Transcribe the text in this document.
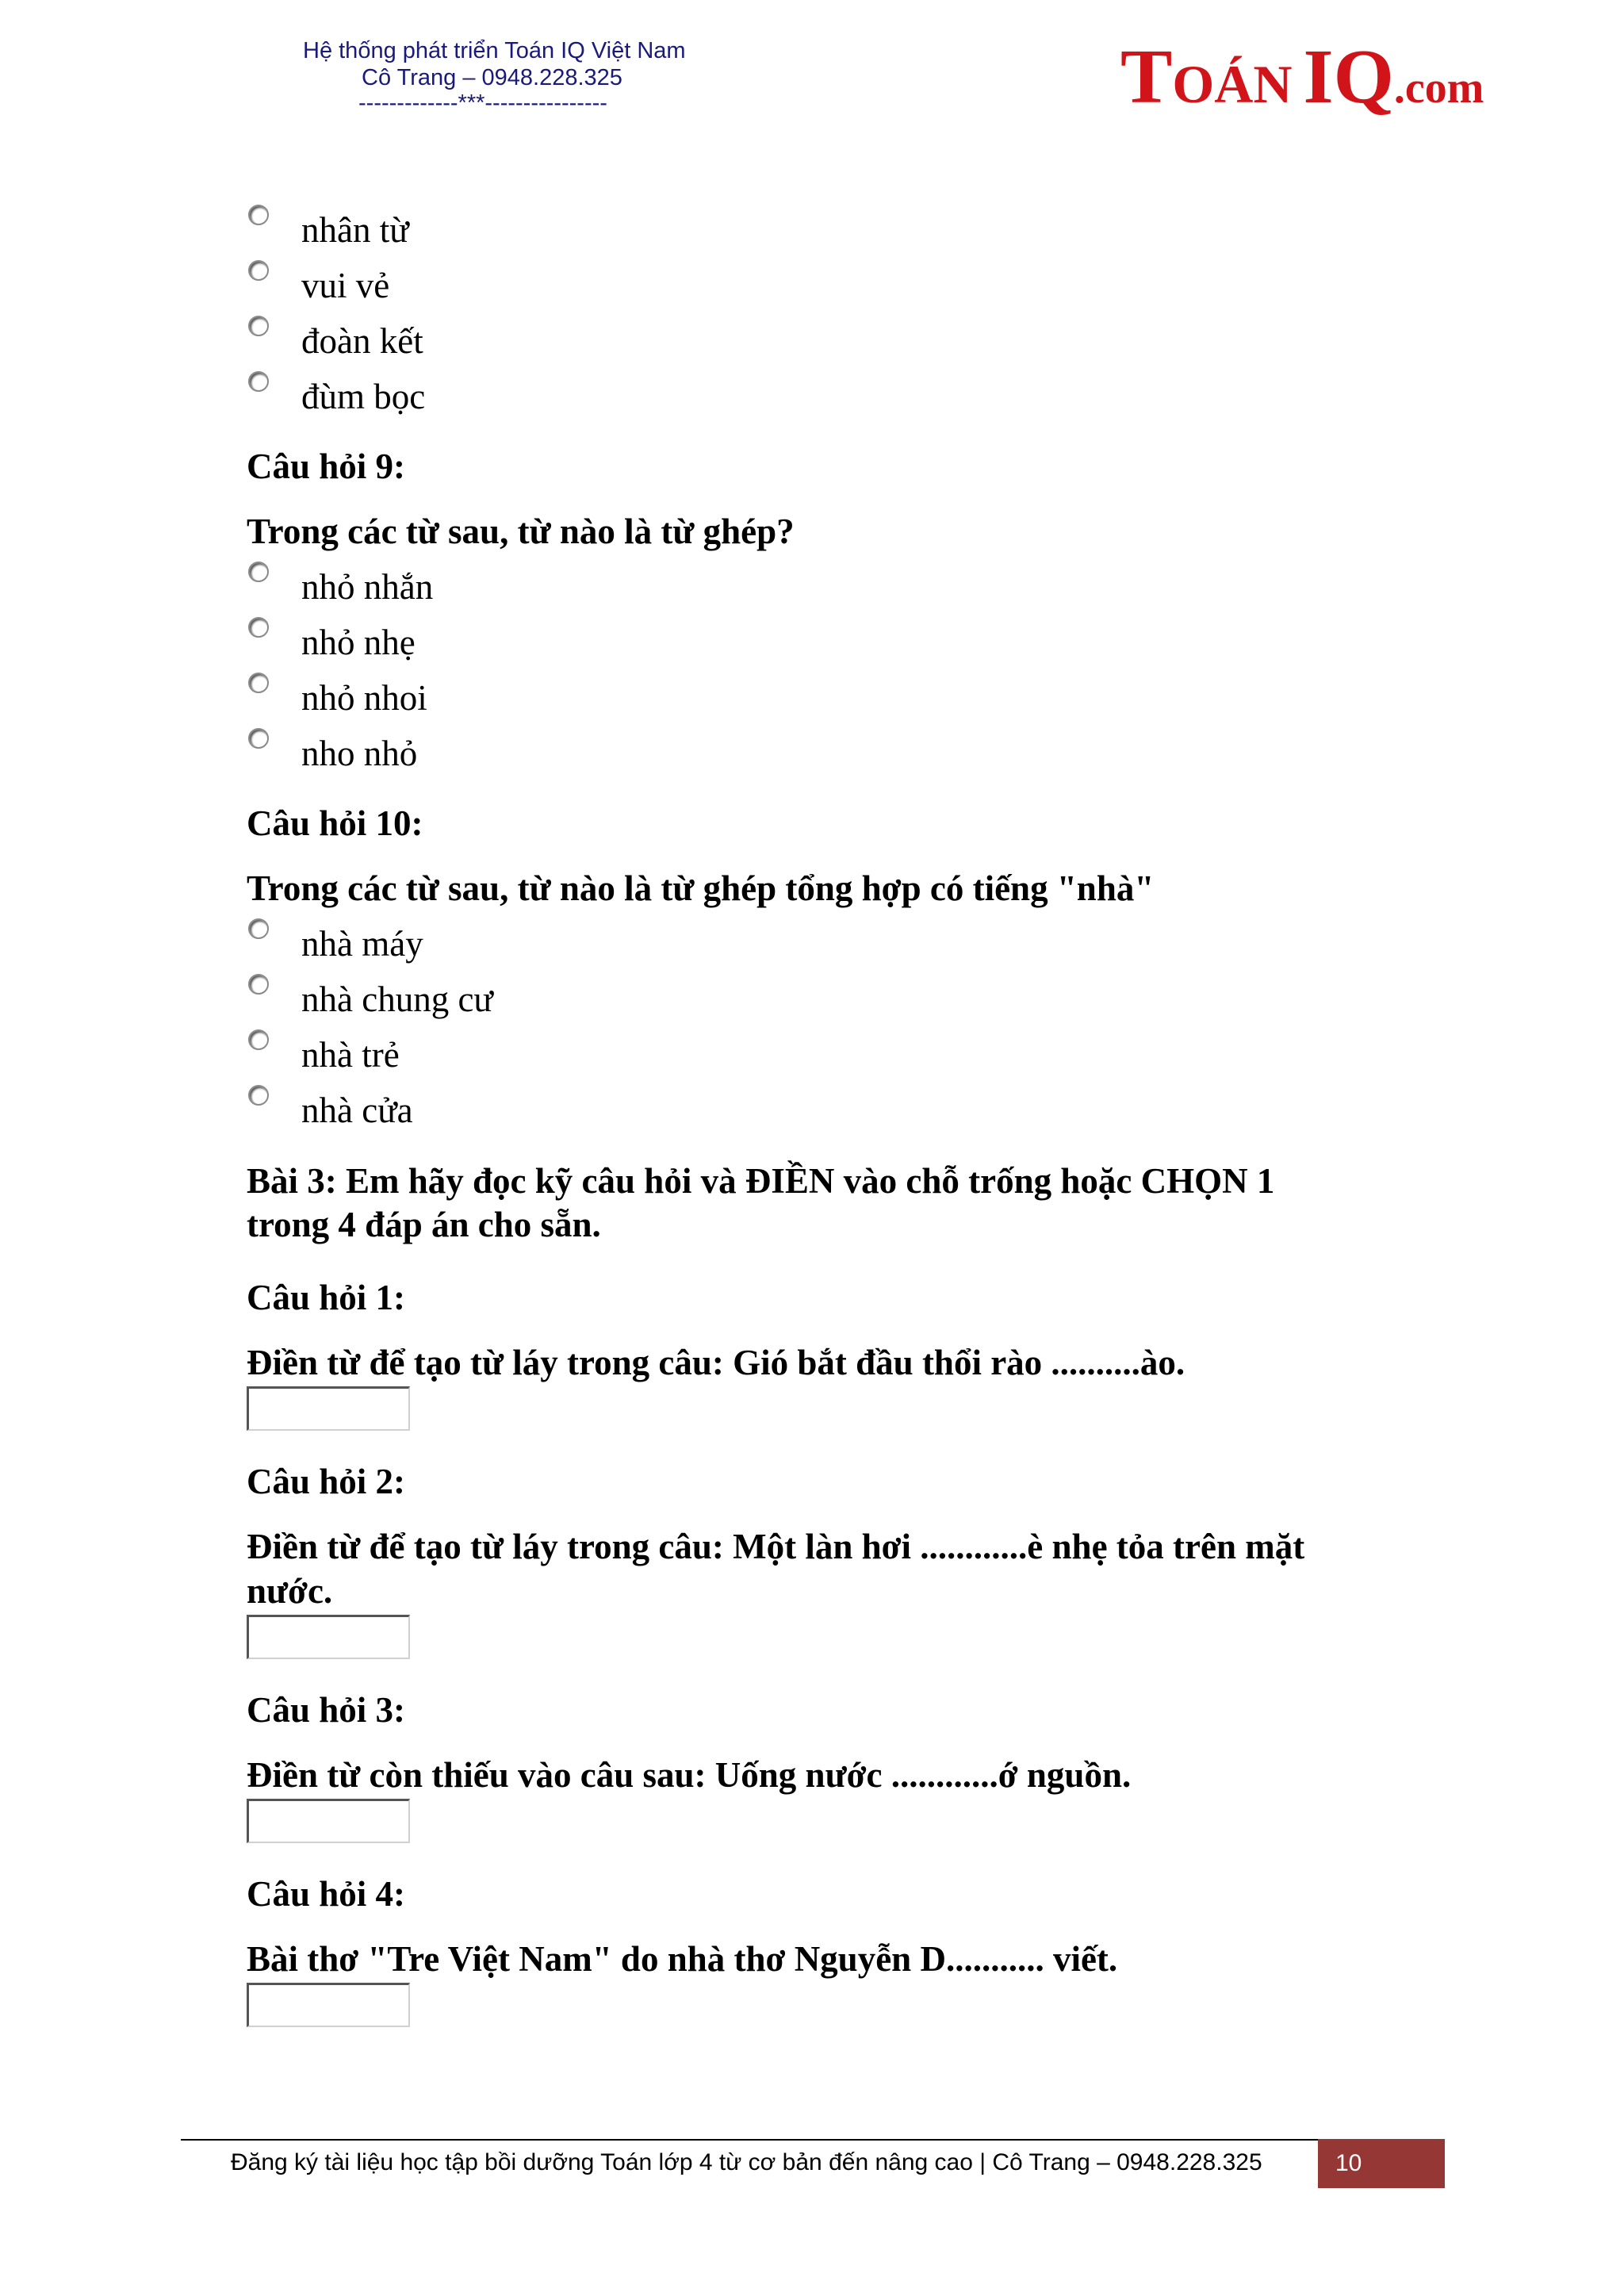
Hệ thống phát triển Toán IQ Việt Nam
Cô Trang – 0948.228.325
-------------***----------------	TOÁN IQ.com
nhân từ
vui vẻ
đoàn kết
đùm bọc
Câu hỏi 9:
Trong các từ sau, từ nào là từ ghép?
nhỏ nhắn
nhỏ nhẹ
nhỏ nhoi
nho nhỏ
Câu hỏi 10:
Trong các từ sau, từ nào là từ ghép tổng hợp có tiếng "nhà"
nhà máy
nhà chung cư
nhà trẻ
nhà cửa
Bài 3: Em hãy đọc kỹ câu hỏi và ĐIỀN vào chỗ trống hoặc CHỌN 1
trong 4 đáp án cho sẵn.
Câu hỏi 1:
Điền từ để tạo từ láy trong câu: Gió bắt đầu thổi rào ..........ào.
Câu hỏi 2:
Điền từ để tạo từ láy trong câu: Một làn hơi ............è nhẹ tỏa trên mặt
nước.
Câu hỏi 3:
Điền từ còn thiếu vào câu sau: Uống nước ............ớ nguồn.
Câu hỏi 4:
Bài thơ "Tre Việt Nam" do nhà thơ Nguyễn D........... viết.
Đăng ký tài liệu học tập bồi dưỡng Toán lớp 4 từ cơ bản đến nâng cao | Cô Trang – 0948.228.325	10
